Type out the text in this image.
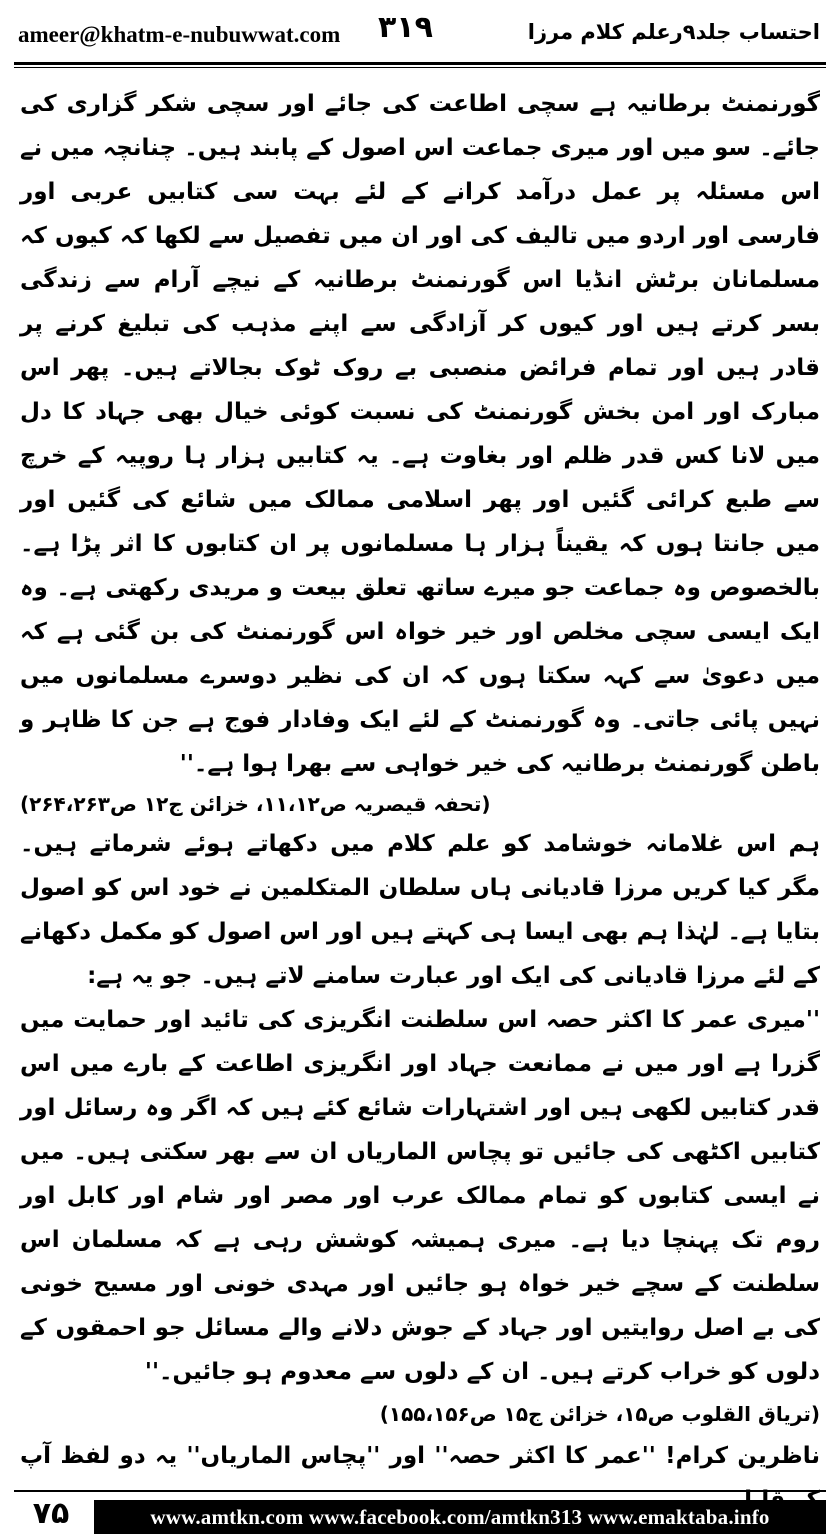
ameer@khatm-e-nubuwwat.com ۳۱۹	احتساب جلد۹رعلم کلام مرزا

گورنمنٹ برطانیہ ہے سچی اطاعت کی جائے اور سچی شکر گزاری کی جائے۔ سو میں اور میری جماعت اس اصول کے پابند ہیں۔ چنانچہ میں نے اس مسئلہ پر عمل درآمد کرانے کے لئے بہت سی کتابیں عربی اور فارسی اور اردو میں تالیف کی اور ان میں تفصیل سے لکھا کہ کیوں کہ مسلمانان برٹش انڈیا اس گورنمنٹ برطانیہ کے نیچے آرام سے زندگی بسر کرتے ہیں اور کیوں کر آزادگی سے اپنے مذہب کی تبلیغ کرنے پر قادر ہیں اور تمام فرائض منصبی بے روک ٹوک بجالاتے ہیں۔ پھر اس مبارک اور امن بخش گورنمنٹ کی نسبت کوئی خیال بھی جہاد کا دل میں لانا کس قدر ظلم اور بغاوت ہے۔ یہ کتابیں ہزار ہا روپیہ کے خرچ سے طبع کرائی گئیں اور پھر اسلامی ممالک میں شائع کی گئیں اور میں جانتا ہوں کہ یقیناً ہزار ہا مسلمانوں پر ان کتابوں کا اثر پڑا ہے۔ بالخصوص وہ جماعت جو میرے ساتھ تعلق بیعت و مریدی رکھتی ہے۔ وہ ایک ایسی سچی مخلص اور خیر خواہ اس گورنمنٹ کی بن گئی ہے کہ میں دعویٰ سے کہہ سکتا ہوں کہ ان کی نظیر دوسرے مسلمانوں میں نہیں پائی جاتی۔ وہ گورنمنٹ کے لئے ایک وفادار فوج ہے جن کا ظاہر و باطن گورنمنٹ برطانیہ کی خیر خواہی سے بھرا ہوا ہے۔''
(تحفہ قیصریہ ص۱۱،۱۲، خزائن ج۱۲ ص۲۶۴،۲۶۳)

ہم اس غلامانہ خوشامد کو علم کلام میں دکھاتے ہوئے شرماتے ہیں۔ مگر کیا کریں مرزا قادیانی ہاں سلطان المتکلمین نے خود اس کو اصول بتایا ہے۔ لہٰذا ہم بھی ایسا ہی کہتے ہیں اور اس اصول کو مکمل دکھانے کے لئے مرزا قادیانی کی ایک اور عبارت سامنے لاتے ہیں۔ جو یہ ہے:

''میری عمر کا اکثر حصہ اس سلطنت انگریزی کی تائید اور حمایت میں گزرا ہے اور میں نے ممانعت جہاد اور انگریزی اطاعت کے بارے میں اس قدر کتابیں لکھی ہیں اور اشتہارات شائع کئے ہیں کہ اگر وہ رسائل اور کتابیں اکٹھی کی جائیں تو پچاس الماریاں ان سے بھر سکتی ہیں۔ میں نے ایسی کتابوں کو تمام ممالک عرب اور مصر اور شام اور کابل اور روم تک پہنچا دیا ہے۔ میری ہمیشہ کوشش رہی ہے کہ مسلمان اس سلطنت کے سچے خیر خواہ ہو جائیں اور مہدی خونی اور مسیح خونی کی بے اصل روایتیں اور جہاد کے جوش دلانے والے مسائل جو احمقوں کے دلوں کو خراب کرتے ہیں۔ ان کے دلوں سے معدوم ہو جائیں۔''

(تریاق القلوب ص۱۵، خزائن ج۱۵ ص۱۵۵،۱۵۶)

ناظرین کرام! ''عمر کا اکثر حصہ'' اور ''پچاس الماریاں'' یہ دو لفظ آپ

۷۵	www.amtkn.com www.facebook.com/amtkn313 www.emaktaba.info
